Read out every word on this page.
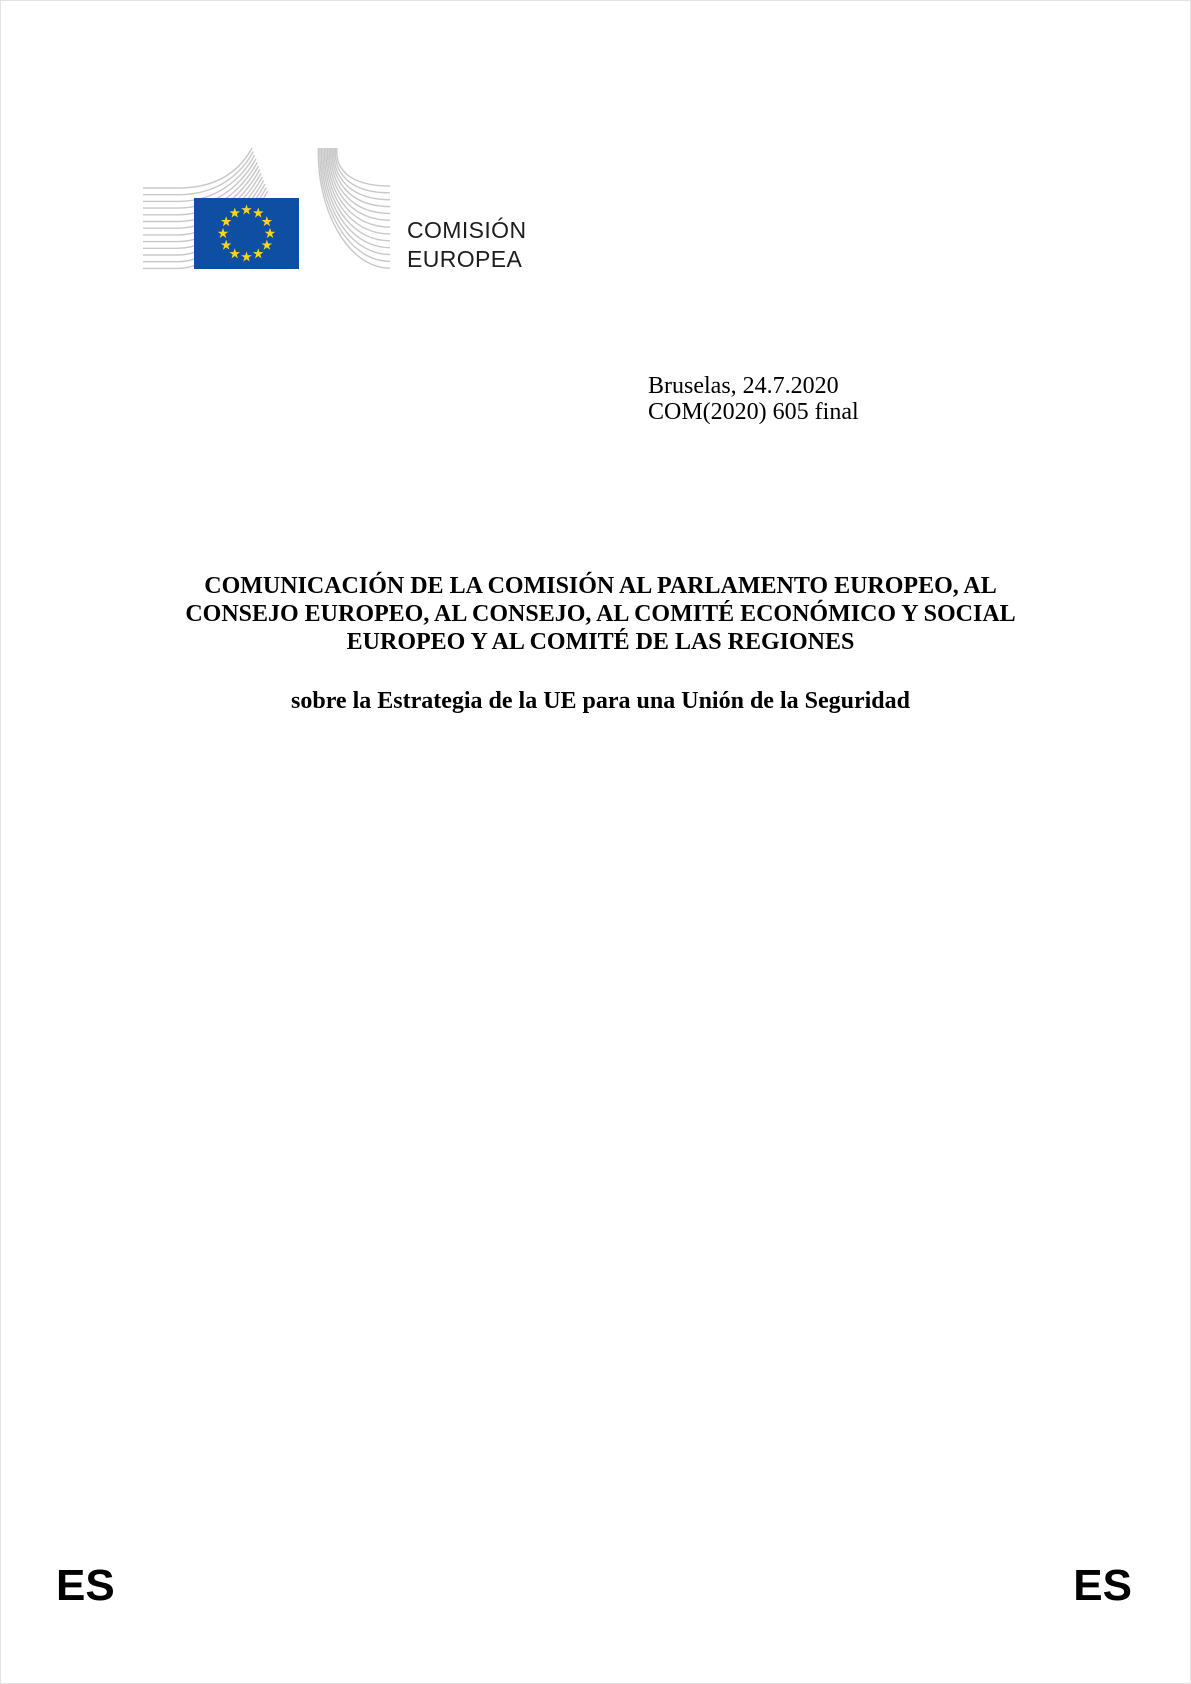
COMISIÓN
EUROPEA
Bruselas, 24.7.2020
COM(2020) 605 final
COMUNICACIÓN DE LA COMISIÓN AL PARLAMENTO EUROPEO, AL
CONSEJO EUROPEO, AL CONSEJO, AL COMITÉ ECONÓMICO Y SOCIAL
EUROPEO Y AL COMITÉ DE LAS REGIONES
sobre la Estrategia de la UE para una Unión de la Seguridad
ES	ES
